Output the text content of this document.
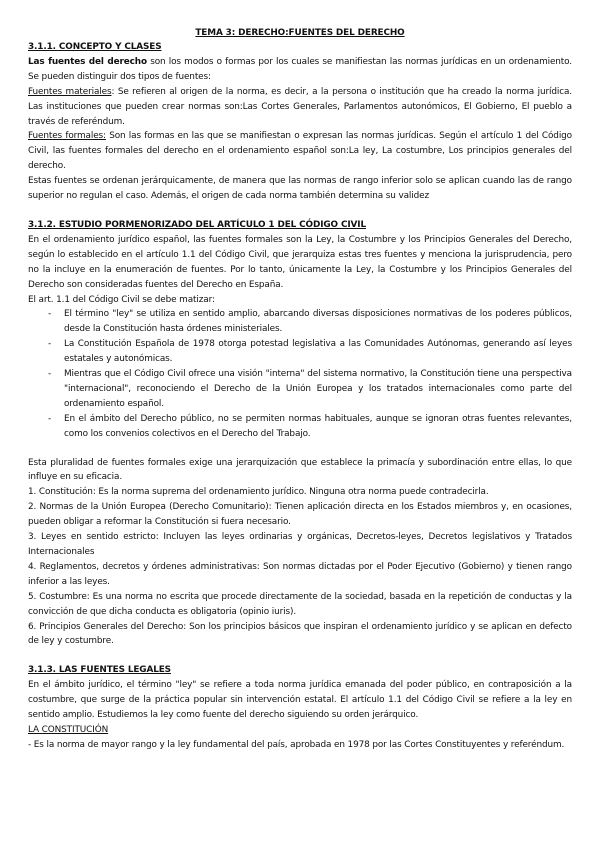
TEMA 3: DERECHO:FUENTES DEL DERECHO

3.1.1. CONCEPTO Y CLASES

Las fuentes del derecho son los modos o formas por los cuales se manifiestan las normas jurídicas en un ordenamiento. Se pueden distinguir dos tipos de fuentes:

Fuentes materiales: Se refieren al origen de la norma, es decir, a la persona o institución que ha creado la norma jurídica. Las instituciones que pueden crear normas son:Las Cortes Generales, Parlamentos autonómicos, El Gobierno, El pueblo a través de referéndum.

Fuentes formales: Son las formas en las que se manifiestan o expresan las normas jurídicas. Según el artículo 1 del Código Civil, las fuentes formales del derecho en el ordenamiento español son:La ley, La costumbre, Los principios generales del derecho.

Estas fuentes se ordenan jerárquicamente, de manera que las normas de rango inferior solo se aplican cuando las de rango superior no regulan el caso. Además, el origen de cada norma también determina su validez

3.1.2. ESTUDIO PORMENORIZADO DEL ARTÍCULO 1 DEL CÓDIGO CIVIL

En el ordenamiento jurídico español, las fuentes formales son la Ley, la Costumbre y los Principios Generales del Derecho, según lo establecido en el artículo 1.1 del Código Civil, que jerarquiza estas tres fuentes y menciona la jurisprudencia, pero no la incluye en la enumeración de fuentes. Por lo tanto, únicamente la Ley, la Costumbre y los Principios Generales del Derecho son consideradas fuentes del Derecho en España.

El art. 1.1 del Código Civil se debe matizar:

- El término "ley" se utiliza en sentido amplio, abarcando diversas disposiciones normativas de los poderes públicos, desde la Constitución hasta órdenes ministeriales.
- La Constitución Española de 1978 otorga potestad legislativa a las Comunidades Autónomas, generando así leyes estatales y autonómicas.
- Mientras que el Código Civil ofrece una visión "interna" del sistema normativo, la Constitución tiene una perspectiva "internacional", reconociendo el Derecho de la Unión Europea y los tratados internacionales como parte del ordenamiento español.
- En el ámbito del Derecho público, no se permiten normas habituales, aunque se ignoran otras fuentes relevantes, como los convenios colectivos en el Derecho del Trabajo.

Esta pluralidad de fuentes formales exige una jerarquización que establece la primacía y subordinación entre ellas, lo que influye en su eficacia.

1. Constitución: Es la norma suprema del ordenamiento jurídico. Ninguna otra norma puede contradecirla.

2. Normas de la Unión Europea (Derecho Comunitario): Tienen aplicación directa en los Estados miembros y, en ocasiones, pueden obligar a reformar la Constitución si fuera necesario.

3. Leyes en sentido estricto: Incluyen las leyes ordinarias y orgánicas, Decretos-leyes, Decretos legislativos y Tratados Internacionales

4. Reglamentos, decretos y órdenes administrativas: Son normas dictadas por el Poder Ejecutivo (Gobierno) y tienen rango inferior a las leyes.

5. Costumbre: Es una norma no escrita que procede directamente de la sociedad, basada en la repetición de conductas y la convicción de que dicha conducta es obligatoria (opinio iuris).

6. Principios Generales del Derecho: Son los principios básicos que inspiran el ordenamiento jurídico y se aplican en defecto de ley y costumbre.

3.1.3. LAS FUENTES LEGALES

En el ámbito jurídico, el término "ley" se refiere a toda norma jurídica emanada del poder público, en contraposición a la costumbre, que surge de la práctica popular sin intervención estatal. El artículo 1.1 del Código Civil se refiere a la ley en sentido amplio. Estudiemos la ley como fuente del derecho siguiendo su orden jerárquico.

LA CONSTITUCIÓN

- Es la norma de mayor rango y la ley fundamental del país, aprobada en 1978 por las Cortes Constituyentes y referéndum.
